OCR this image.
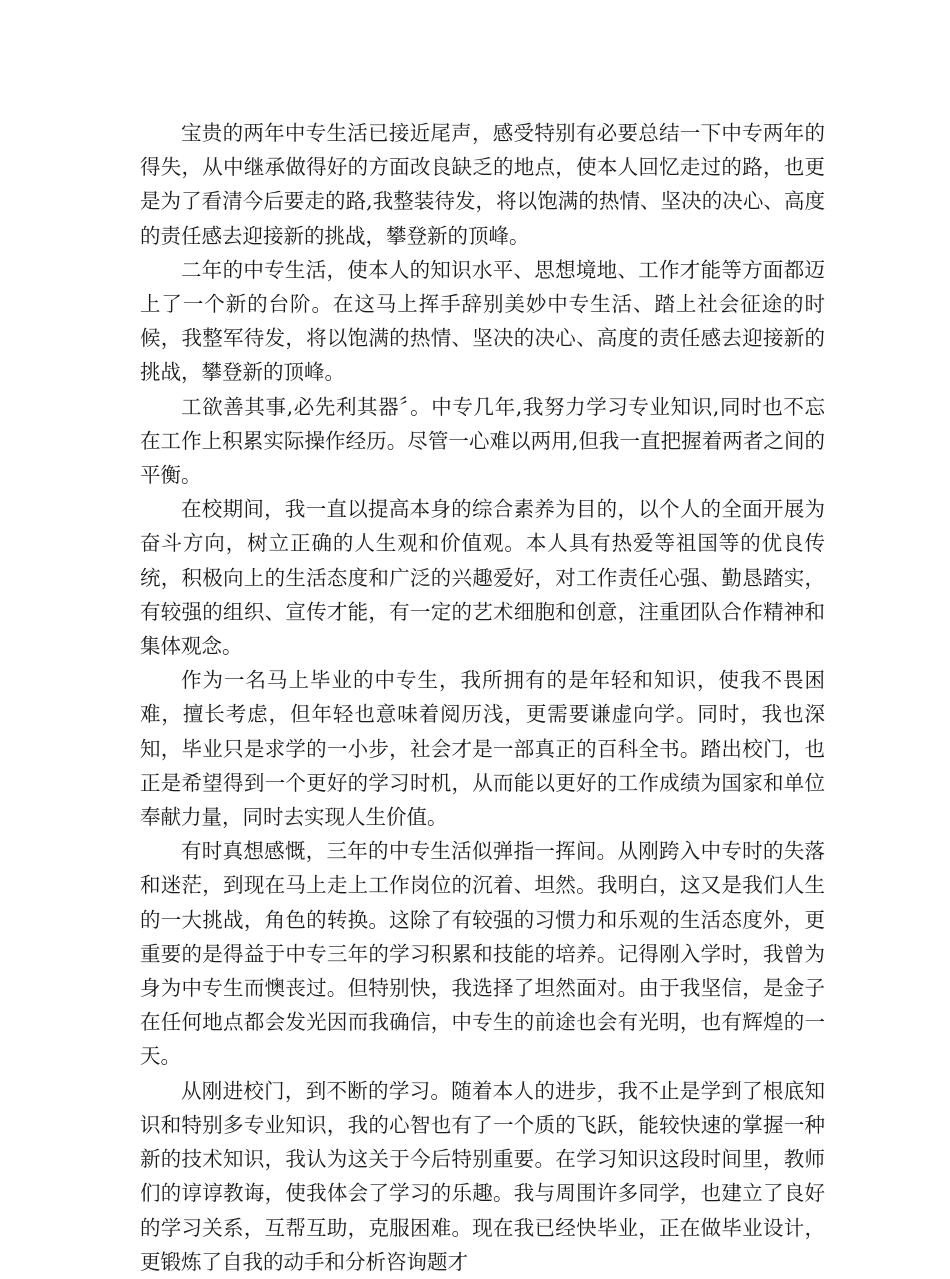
宝贵的两年中专生活已接近尾声，感受特别有必要总结一下中专两年的得失，从中继承做得好的方面改良缺乏的地点，使本人回忆走过的路，也更是为了看清今后要走的路,我整装待发，将以饱满的热情、坚决的决心、高度的责任感去迎接新的挑战，攀登新的顶峰。

二年的中专生活，使本人的知识水平、思想境地、工作才能等方面都迈上了一个新的台阶。在这马上挥手辞别美妙中专生活、踏上社会征途的时候，我整军待发，将以饱满的热情、坚决的决心、高度的责任感去迎接新的挑战，攀登新的顶峰。

工欲善其事,必先利其器〞。中专几年,我努力学习专业知识,同时也不忘在工作上积累实际操作经历。尽管一心难以两用,但我一直把握着两者之间的平衡。

在校期间，我一直以提高本身的综合素养为目的，以个人的全面开展为奋斗方向，树立正确的人生观和价值观。本人具有热爱等祖国等的优良传统，积极向上的生活态度和广泛的兴趣爱好，对工作责任心强、勤恳踏实，有较强的组织、宣传才能，有一定的艺术细胞和创意，注重团队合作精神和集体观念。

作为一名马上毕业的中专生，我所拥有的是年轻和知识，使我不畏困难，擅长考虑，但年轻也意味着阅历浅，更需要谦虚向学。同时，我也深知，毕业只是求学的一小步，社会才是一部真正的百科全书。踏出校门，也正是希望得到一个更好的学习时机，从而能以更好的工作成绩为国家和单位奉献力量，同时去实现人生价值。

有时真想感慨，三年的中专生活似弹指一挥间。从刚跨入中专时的失落和迷茫，到现在马上走上工作岗位的沉着、坦然。我明白，这又是我们人生的一大挑战，角色的转换。这除了有较强的习惯力和乐观的生活态度外，更重要的是得益于中专三年的学习积累和技能的培养。记得刚入学时，我曾为身为中专生而懊丧过。但特别快，我选择了坦然面对。由于我坚信，是金子在任何地点都会发光因而我确信，中专生的前途也会有光明，也有辉煌的一天。

从刚进校门，到不断的学习。随着本人的进步，我不止是学到了根底知识和特别多专业知识，我的心智也有了一个质的飞跃，能较快速的掌握一种新的技术知识，我认为这关于今后特别重要。在学习知识这段时间里，教师们的谆谆教诲，使我体会了学习的乐趣。我与周围许多同学，也建立了良好的学习关系，互帮互助，克服困难。现在我已经快毕业，正在做毕业设计，更锻炼了自我的动手和分析咨询题才
